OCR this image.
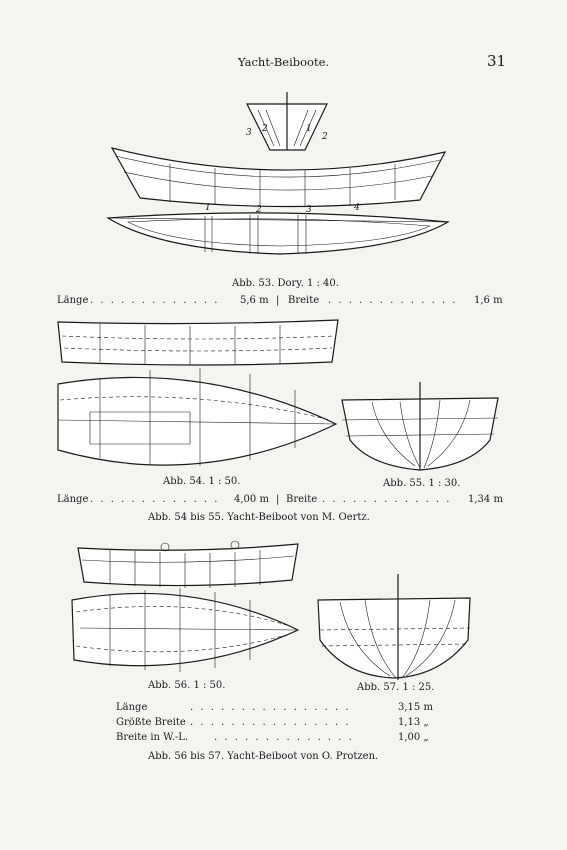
Yacht-Beiboote.	31
1	2	3	4
3 2	1
2
Abb. 53. Dory. 1 : 40.
Länge . . . . . . . . . . . . . 5,6 m | Breite . . . . . . . . . . . . . 1,6 m
Abb. 54. 1 : 50.	Abb. 55. 1 : 30.
Länge . . . . . . . . . . . . . 4,00 m | Breite . . . . . . . . . . . . . 1,34 m
Abb. 54 bis 55. Yacht-Beiboot von M. Oertz.
Abb. 56. 1 : 50.	Abb. 57. 1 : 25.
Länge	. . . . . . . . . . . . . . . .	3,15 m
Größte Breite . . . . . . . . . . . . . . . .	1,13 „
Breite in W.-L.	. . . . . . . . . . . . . .	1,00 „
Abb. 56 bis 57. Yacht-Beiboot von O. Protzen.
